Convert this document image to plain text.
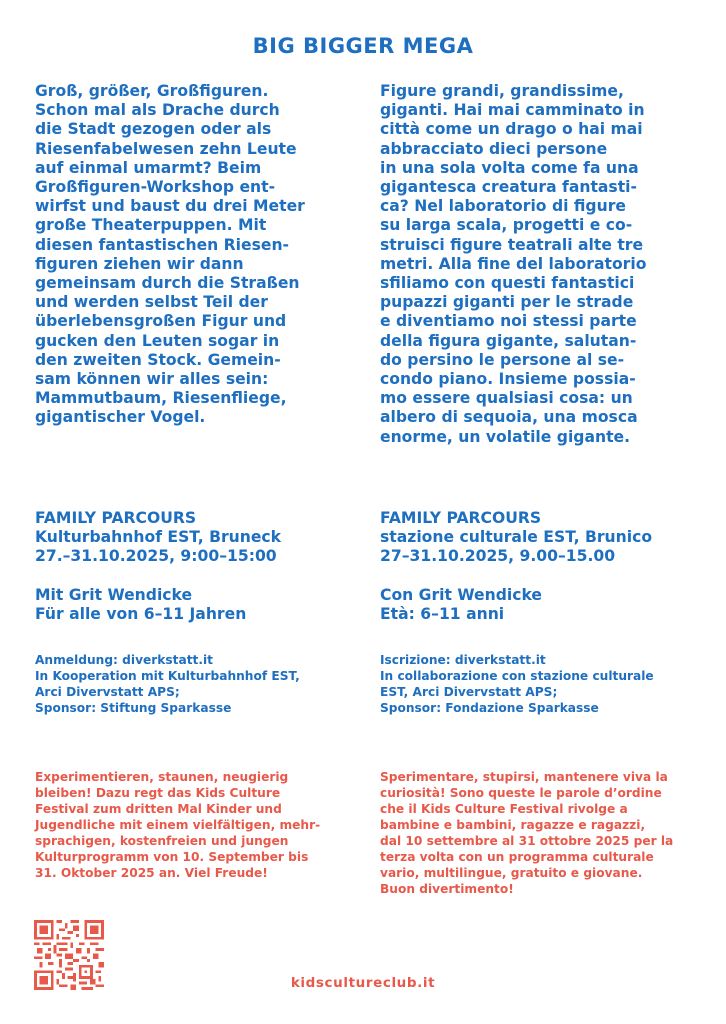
BIG BIGGER MEGA

Groß, größer, Großfiguren.
Schon mal als Drache durch
die Stadt gezogen oder als
Riesenfabelwesen zehn Leute
auf einmal umarmt? Beim
Großfiguren-Workshop ent-
wirfst und baust du drei Meter
große Theaterpuppen. Mit
diesen fantastischen Riesen-
figuren ziehen wir dann
gemeinsam durch die Straßen
und werden selbst Teil der
überlebensgroßen Figur und
gucken den Leuten sogar in
den zweiten Stock. Gemein-
sam können wir alles sein:
Mammutbaum, Riesenfliege,
gigantischer Vogel.

FAMILY PARCOURS
Kulturbahnhof EST, Bruneck
27.–31.10.2025, 9:00–15:00
Mit Grit Wendicke
Für alle von 6–11 Jahren
Anmeldung: diverkstatt.it
In Kooperation mit Kulturbahnhof EST,
Arci Divervstatt APS;
Sponsor: Stiftung Sparkasse

Experimentieren, staunen, neugierig
bleiben! Dazu regt das Kids Culture
Festival zum dritten Mal Kinder und
Jugendliche mit einem vielfältigen, mehr-
sprachigen, kostenfreien und jungen
Kulturprogramm von 10. September bis
31. Oktober 2025 an. Viel Freude!

Figure grandi, grandissime,
giganti. Hai mai camminato in
città come un drago o hai mai
abbracciato dieci persone
in una sola volta come fa una
gigantesca creatura fantasti-
ca? Nel laboratorio di figure
su larga scala, progetti e co-
struisci figure teatrali alte tre
metri. Alla fine del laboratorio
sfiliamo con questi fantastici
pupazzi giganti per le strade
e diventiamo noi stessi parte
della figura gigante, salutan-
do persino le persone al se-
condo piano. Insieme possia-
mo essere qualsiasi cosa: un
albero di sequoia, una mosca
enorme, un volatile gigante.

FAMILY PARCOURS
stazione culturale EST, Brunico
27–31.10.2025, 9.00–15.00
Con Grit Wendicke
Età: 6–11 anni
Iscrizione: diverkstatt.it
In collaborazione con stazione culturale
EST, Arci Divervstatt APS;
Sponsor: Fondazione Sparkasse

Sperimentare, stupirsi, mantenere viva la
curiosità! Sono queste le parole d’ordine
che il Kids Culture Festival rivolge a
bambine e bambini, ragazze e ragazzi,
dal 10 settembre al 31 ottobre 2025 per la
terza volta con un programma culturale
vario, multilingue, gratuito e giovane.
Buon divertimento!

kidscultureclub.it
